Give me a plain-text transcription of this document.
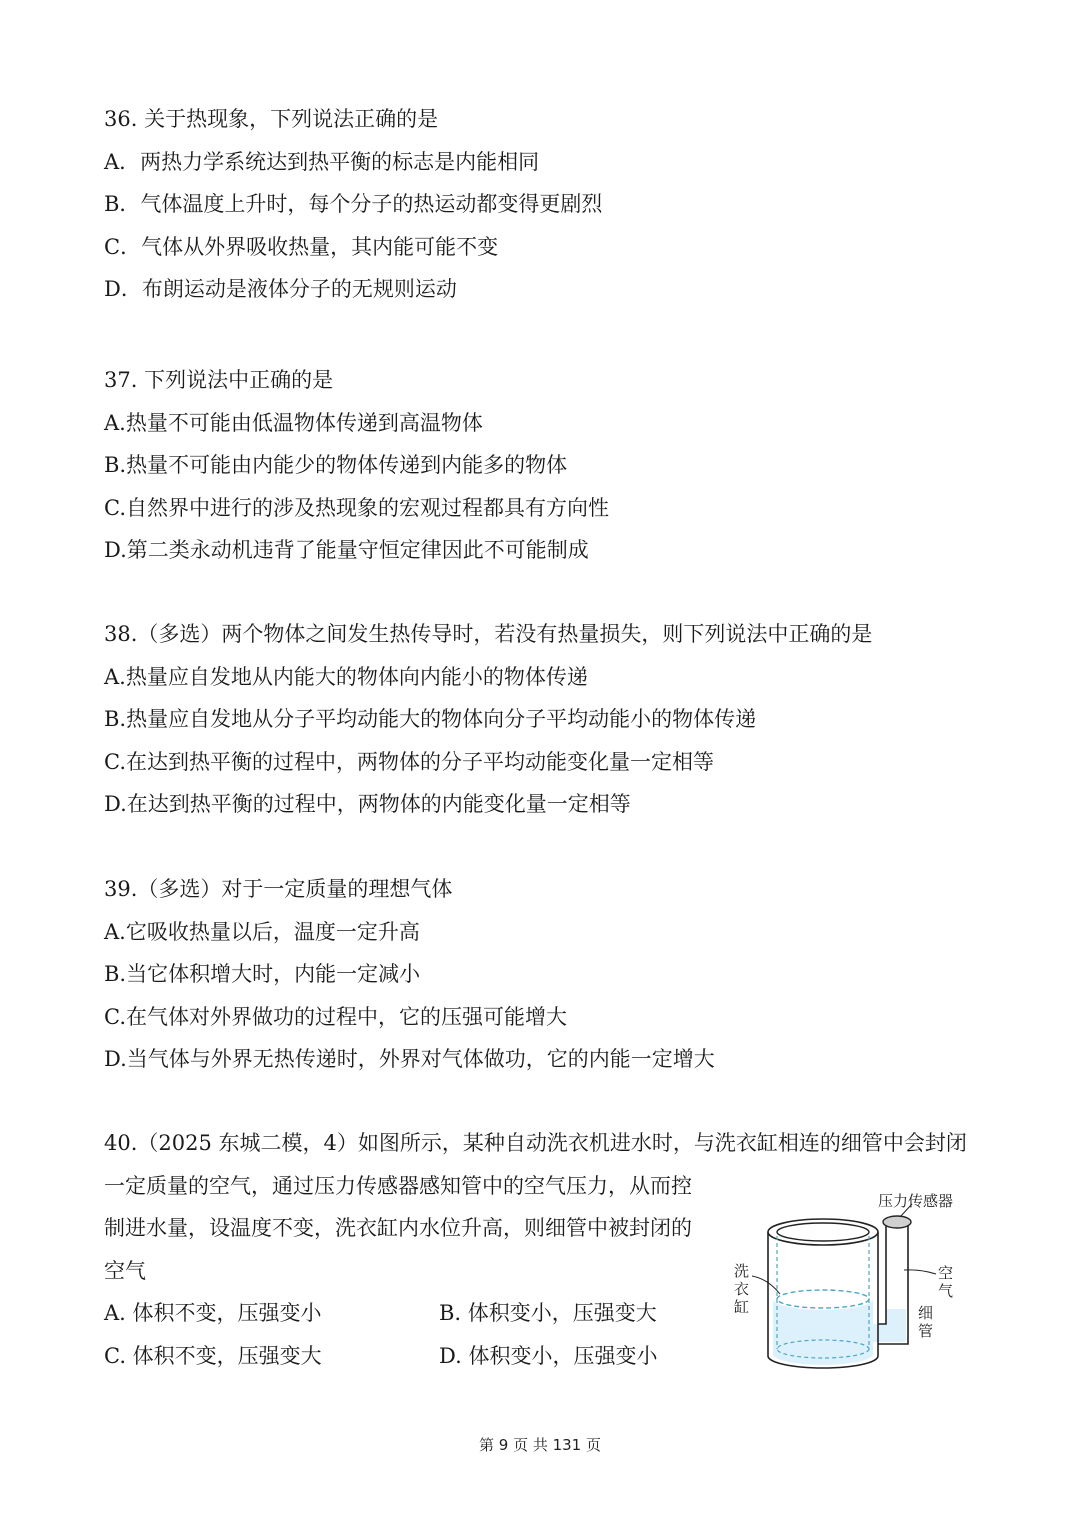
36. 关于热现象，下列说法正确的是
A．两热力学系统达到热平衡的标志是内能相同
B．气体温度上升时，每个分子的热运动都变得更剧烈
C．气体从外界吸收热量，其内能可能不变
D．布朗运动是液体分子的无规则运动
37. 下列说法中正确的是
A.热量不可能由低温物体传递到高温物体
B.热量不可能由内能少的物体传递到内能多的物体
C.自然界中进行的涉及热现象的宏观过程都具有方向性
D.第二类永动机违背了能量守恒定律因此不可能制成
38.（多选）两个物体之间发生热传导时，若没有热量损失，则下列说法中正确的是
A.热量应自发地从内能大的物体向内能小的物体传递
B.热量应自发地从分子平均动能大的物体向分子平均动能小的物体传递
C.在达到热平衡的过程中，两物体的分子平均动能变化量一定相等
D.在达到热平衡的过程中，两物体的内能变化量一定相等
39.（多选）对于一定质量的理想气体
A.它吸收热量以后，温度一定升高
B.当它体积增大时，内能一定减小
C.在气体对外界做功的过程中，它的压强可能增大
D.当气体与外界无热传递时，外界对气体做功，它的内能一定增大
40.（2025 东城二模，4）如图所示，某种自动洗衣机进水时，与洗衣缸相连的细管中会封闭
一定质量的空气，通过压力传感器感知管中的空气压力，从而控
制进水量，设温度不变，洗衣缸内水位升高，则细管中被封闭的
空气
A. 体积不变，压强变小	B. 体积变小，压强变大
C. 体积不变，压强变大	D. 体积变小，压强变小
压力传感器
洗
衣
缸
空
气
细
管
第 9 页 共 131 页
